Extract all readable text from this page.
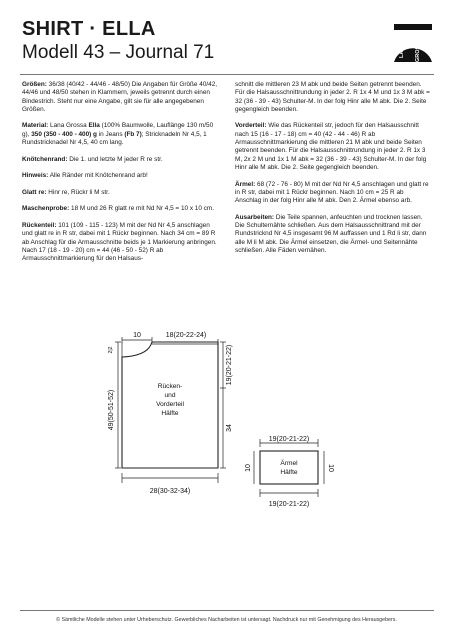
SHIRT · ELLA
Modell 43 – Journal 71	LANA GROSSA

Größen: 36/38 (40/42 - 44/46 - 48/50) Die Angaben für Größe 40/42, 44/46 und 48/50 stehen in Klammern, jeweils getrennt durch einen Bindestrich. Steht nur eine Angabe, gilt sie für alle angegebenen Größen.

Material: Lana Grossa Ella (100% Baumwolle, Lauflänge 130 m/50 g), 350 (350 - 400 - 400) g in Jeans (Fb 7); Stricknadeln Nr 4,5, 1 Rundstricknadel Nr 4,5, 40 cm lang.

Knötchenrand: Die 1. und letzte M jeder R re str.

Hinweis: Alle Ränder mit Knötchenrand arb!

Glatt re: Hinr re, Rückr li M str.

Maschenprobe: 18 M und 26 R glatt re mit Nd Nr 4,5 = 10 x 10 cm.

Rückenteil: 101 (109 - 115 - 123) M mit der Nd Nr 4,5 anschlagen und glatt re in R str, dabei mit 1 Rückr beginnen. Nach 34 cm = 89 R ab Anschlag für die Armausschnitte beids je 1 Markierung anbringen. Nach 17 (18 - 19 - 20) cm = 44 (46 - 50 - 52) R ab Armausschnittmarkierung für den Halsaus-

schnitt die mittleren 23 M abk und beide Seiten getrennt beenden. Für die Halsausschnittrundung in jeder 2. R 1x 4 M und 1x 3 M abk = 32 (36 - 39 - 43) Schulter-M. In der folg Hinr alle M abk. Die 2. Seite gegengleich beenden.

Vorderteil: Wie das Rückenteil str, jedoch für den Halsausschnitt nach 15 (16 - 17 - 18) cm = 40 (42 - 44 - 46) R ab Armausschnittmarkierung die mittleren 21 M abk und beide Seiten getrennt beenden. Für die Halsausschnittrundung in jeder 2. R 1x 3 M, 2x 2 M und 1x 1 M abk = 32 (36 - 39 - 43) Schulter-M. In der folg Hinr alle M abk. Die 2. Seite gegengleich beenden.

Ärmel: 68 (72 - 76 - 80) M mit der Nd Nr 4,5 anschlagen und glatt re in R str, dabei mit 1 Rückr beginnen. Nach 10 cm = 25 R ab Anschlag in der folg Hinr alle M abk. Den 2. Ärmel ebenso arb.

Ausarbeiten: Die Teile spannen, anfeuchten und trocknen lassen. Die Schulternähte schließen. Aus dem Halsausschnittrand mit der Rundstricknd Nr 4,5 insgesamt 96 M auffassen und 1 Rd li str, dann alle M li M abk. Die Ärmel einsetzen, die Ärmel- und Seitennähte schließen. Alle Fäden vernähen.

10	18(20-22-24)
2|2
49(50-51-52)
19(20-21-22)
34
28(30-32-34)
19(20-21-22)
19(20-21-22)
10	10
Rücken-
und
Vorderteil
Hälfte
Ärmel
Hälfte
© Sämtliche Modelle stehen unter Urheberschutz. Gewerbliches Nacharbeiten ist untersagt. Nachdruck nur mit Genehmigung des Herausgebers.
